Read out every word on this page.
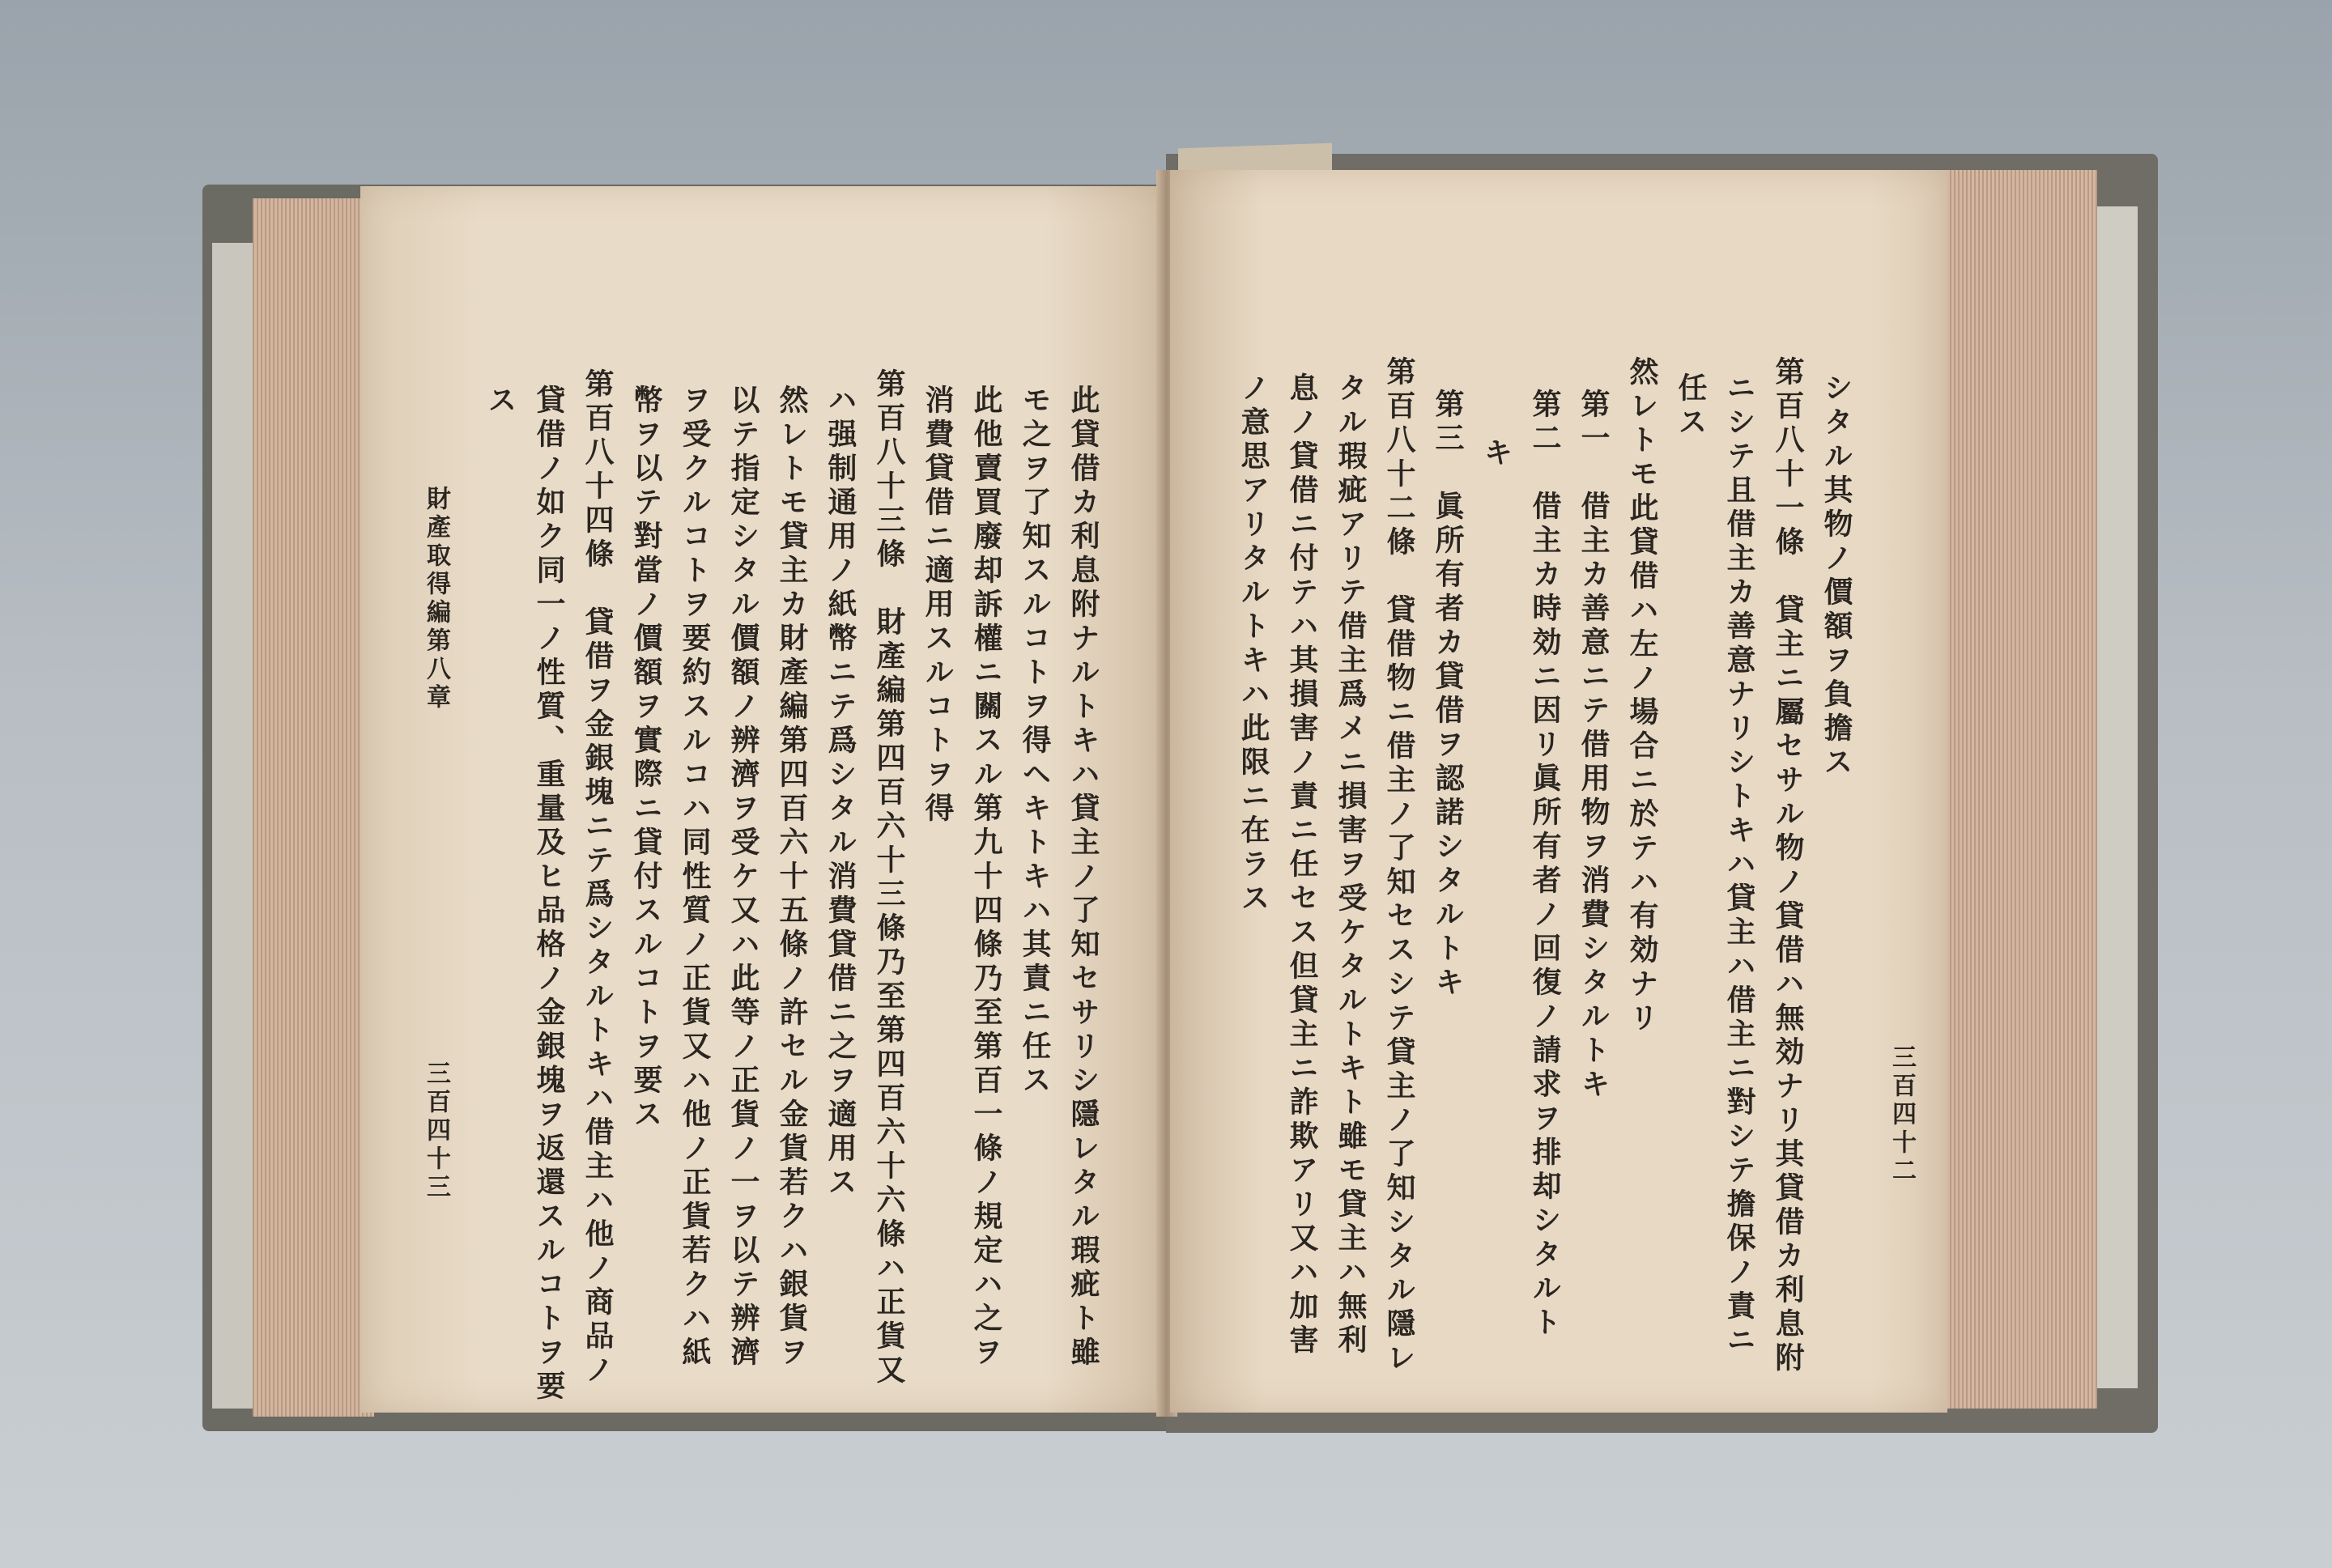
財產取得編第八章
三百四十三	此貸借カ利息附ナルトキハ貸主ノ了知セサリシ隱レタル瑕疵ト雖
モ之ヲ了知スルコトヲ得ヘキトキハ其責ニ任ス
此他賣買廢却訴權ニ關スル第九十四條乃至第百一條ノ規定ハ之ヲ
消費貸借ニ適用スルコトヲ得
第百八十三條　財產編第四百六十三條乃至第四百六十六條ハ正貨又
ハ强制通用ノ紙幣ニテ爲シタル消費貸借ニ之ヲ適用ス
然レトモ貸主カ財產編第四百六十五條ノ許セル金貨若クハ銀貨ヲ
以テ指定シタル價額ノ辨濟ヲ受ケ又ハ此等ノ正貨ノ一ヲ以テ辨濟
ヲ受クルコトヲ要約スルコハ同性質ノ正貨又ハ他ノ正貨若クハ紙
幣ヲ以テ對當ノ價額ヲ實際ニ貸付スルコトヲ要ス
第百八十四條　貸借ヲ金銀塊ニテ爲シタルトキハ借主ハ他ノ商品ノ
貸借ノ如ク同一ノ性質、重量及ヒ品格ノ金銀塊ヲ返還スルコトヲ要
ス
三百四十二
シタル其物ノ價額ヲ負擔ス
第百八十一條　貸主ニ屬セサル物ノ貸借ハ無効ナリ其貸借カ利息附
ニシテ且借主カ善意ナリシトキハ貸主ハ借主ニ對シテ擔保ノ責ニ
任ス
然レトモ此貸借ハ左ノ場合ニ於テハ有効ナリ
第一　借主カ善意ニテ借用物ヲ消費シタルトキ
第二　借主カ時効ニ因リ眞所有者ノ回復ノ請求ヲ排却シタルト
キ
第三　眞所有者カ貸借ヲ認諾シタルトキ
第百八十二條　貸借物ニ借主ノ了知セスシテ貸主ノ了知シタル隱レ
タル瑕疵アリテ借主爲メニ損害ヲ受ケタルトキト雖モ貸主ハ無利
息ノ貸借ニ付テハ其損害ノ責ニ任セス但貸主ニ詐欺アリ又ハ加害
ノ意思アリタルトキハ此限ニ在ラス
